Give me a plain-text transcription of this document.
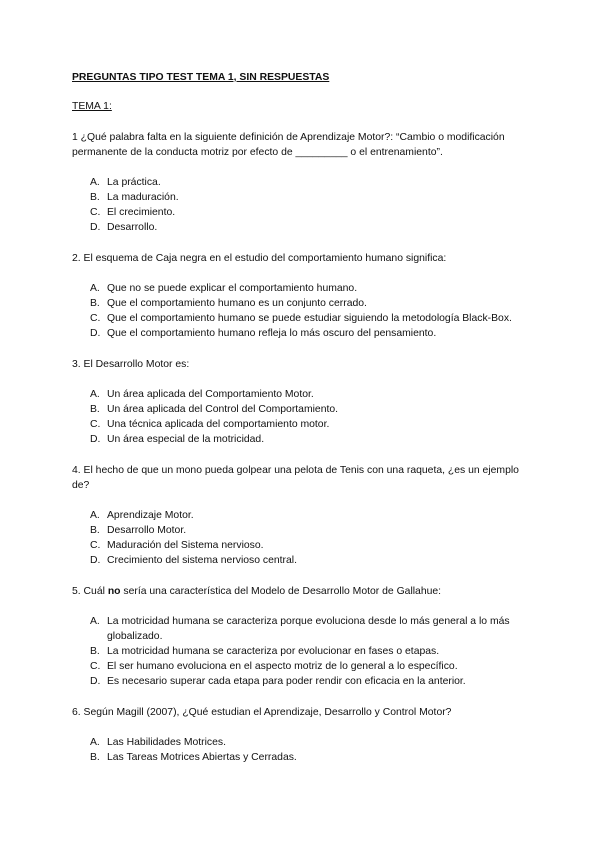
PREGUNTAS TIPO TEST TEMA 1, SIN RESPUESTAS

TEMA 1:

1 ¿Qué palabra falta en la siguiente definición de Aprendizaje Motor?: “Cambio o modificación permanente de la conducta motriz por efecto de _________ o el entrenamiento”.

A. La práctica.
B. La maduración.
C. El crecimiento.
D. Desarrollo.

2. El esquema de Caja negra en el estudio del comportamiento humano significa:

A. Que no se puede explicar el comportamiento humano.
B. Que el comportamiento humano es un conjunto cerrado.
C. Que el comportamiento humano se puede estudiar siguiendo la metodología Black-Box.
D. Que el comportamiento humano refleja lo más oscuro del pensamiento.

3. El Desarrollo Motor es:

A. Un área aplicada del Comportamiento Motor.
B. Un área aplicada del Control del Comportamiento.
C. Una técnica aplicada del comportamiento motor.
D. Un área especial de la motricidad.

4. El hecho de que un mono pueda golpear una pelota de Tenis con una raqueta, ¿es un ejemplo de?

A. Aprendizaje Motor.
B. Desarrollo Motor.
C. Maduración del Sistema nervioso.
D. Crecimiento del sistema nervioso central.

5. Cuál no sería una característica del Modelo de Desarrollo Motor de Gallahue:

A. La motricidad humana se caracteriza porque evoluciona desde lo más general a lo más globalizado.
B. La motricidad humana se caracteriza por evolucionar en fases o etapas.
C. El ser humano evoluciona en el aspecto motriz de lo general a lo específico.
D. Es necesario superar cada etapa para poder rendir con eficacia en la anterior.

6. Según Magill (2007), ¿Qué estudian el Aprendizaje, Desarrollo y Control Motor?

A. Las Habilidades Motrices.
B. Las Tareas Motrices Abiertas y Cerradas.
